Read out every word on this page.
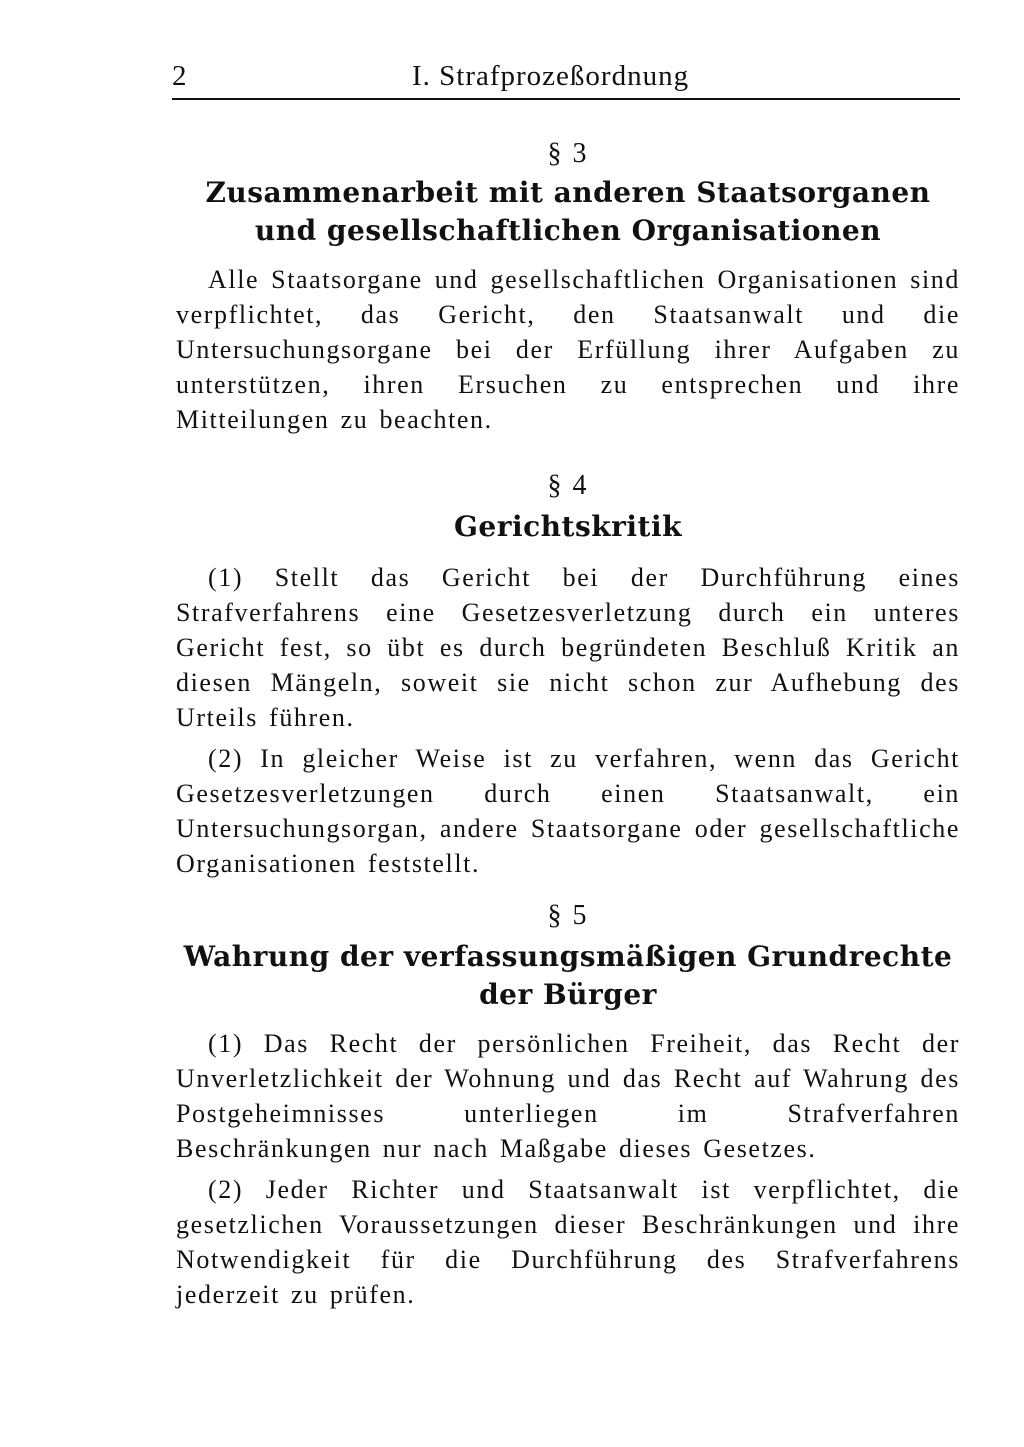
2	I. Strafprozeßordnung
§ 3
Zusammenarbeit mit anderen Staatsorganen
und gesellschaftlichen Organisationen

Alle Staatsorgane und gesellschaftlichen Organisationen sind verpflichtet, das Gericht, den Staatsanwalt und die Untersuchungsorgane bei der Erfüllung ihrer Aufgaben zu unterstützen, ihren Ersuchen zu entsprechen und ihre Mitteilungen zu beachten.

§ 4
Gerichtskritik

(1) Stellt das Gericht bei der Durchführung eines Strafverfahrens eine Gesetzesverletzung durch ein unteres Gericht fest, so übt es durch begründeten Beschluß Kritik an diesen Mängeln, soweit sie nicht schon zur Aufhebung des Urteils führen.

(2) In gleicher Weise ist zu verfahren, wenn das Gericht Gesetzesverletzungen durch einen Staatsanwalt, ein Untersuchungsorgan, andere Staatsorgane oder gesellschaftliche Organisationen feststellt.

§ 5
Wahrung der verfassungsmäßigen Grundrechte
der Bürger

(1) Das Recht der persönlichen Freiheit, das Recht der Unverletzlichkeit der Wohnung und das Recht auf Wahrung des Postgeheimnisses unterliegen im Strafverfahren Beschränkungen nur nach Maßgabe dieses Gesetzes.

(2) Jeder Richter und Staatsanwalt ist verpflichtet, die gesetzlichen Voraussetzungen dieser Beschränkungen und ihre Notwendigkeit für die Durchführung des Strafverfahrens jederzeit zu prüfen.
